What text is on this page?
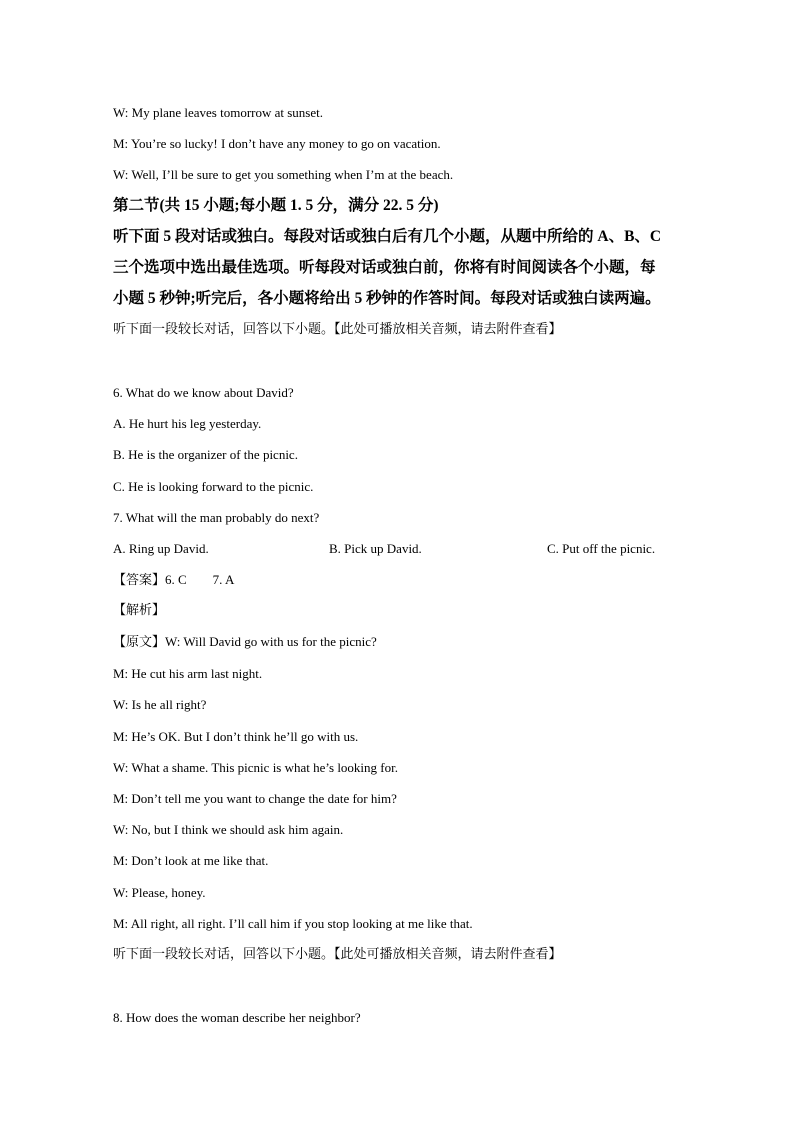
W: My plane leaves tomorrow at sunset.
M: You’re so lucky! I don’t have any money to go on vacation.
W: Well, I’ll be sure to get you something when I’m at the beach.
第二节(共 15 小题;每小题 1. 5 分，满分 22. 5 分)
听下面 5 段对话或独白。每段对话或独白后有几个小题，从题中所给的 A、B、C
三个选项中选出最佳选项。听每段对话或独白前，你将有时间阅读各个小题，每
小题 5 秒钟;听完后，各小题将给出 5 秒钟的作答时间。每段对话或独白读两遍。
听下面一段较长对话，回答以下小题。【此处可播放相关音频，请去附件查看】
6. What do we know about David?
A. He hurt his leg yesterday.
B. He is the organizer of the picnic.
C. He is looking forward to the picnic.
7. What will the man probably do next?
A. Ring up David.	B. Pick up David.	C. Put off the picnic.
【答案】6. C        7. A
【解析】
【原文】W: Will David go with us for the picnic?
M: He cut his arm last night.
W: Is he all right?
M: He’s OK. But I don’t think he’ll go with us.
W: What a shame. This picnic is what he’s looking for.
M: Don’t tell me you want to change the date for him?
W: No, but I think we should ask him again.
M: Don’t look at me like that.
W: Please, honey.
M: All right, all right. I’ll call him if you stop looking at me like that.
听下面一段较长对话，回答以下小题。【此处可播放相关音频，请去附件查看】
8. How does the woman describe her neighbor?
